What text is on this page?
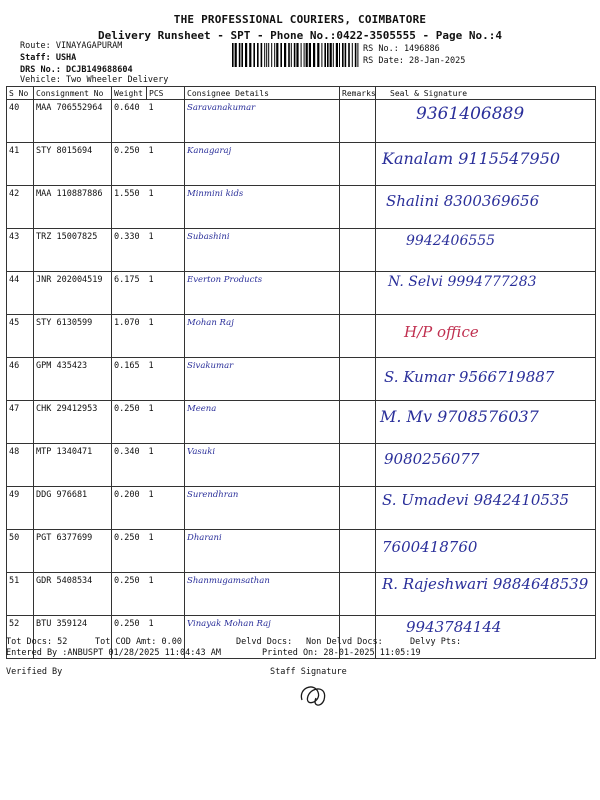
THE PROFESSIONAL COURIERS, COIMBATORE
Delivery Runsheet - SPT - Phone No.:0422-3505555 - Page No.:4
Route: VINAYAGAPURAM
Staff: USHA
DRS No.: DCJB149688604
Vehicle: Two Wheeler Delivery
RS No.: 1496886
RS Date: 28-Jan-2025
S No	Consignment No	Weight	PCS	Consignee Details	Remarks	Seal & Signature
40	MAA 706552964	0.640	1	Saravanakumar		9361406889

41	STY 8015694	0.250	1	Kanagaraj		Kanalam 9115547950

42	MAA 110887886	1.550	1	Minmini kids		Shalini 8300369656

43	TRZ 15007825	0.330	1	Subashini		9942406555

44	JNR 202004519	6.175	1	Everton Products		N. Selvi 9994777283

45	STY 6130599	1.070	1	Mohan Raj		H/P office

46	GPM 435423	0.165	1	Sivakumar		S. Kumar 9566719887

47	CHK 29412953	0.250	1	Meena		M. Mv 9708576037

48	MTP 1340471	0.340	1	Vasuki		9080256077

49	DDG 976681	0.200	1	Surendhran		S. Umadevi 9842410535

50	PGT 6377699	0.250	1	Dharani		7600418760

51	GDR 5408534	0.250	1	Shanmugamsathan		R. Rajeshwari 9884648539

52	BTU 359124	0.250	1	Vinayak Mohan Raj		9943784144
Tot Docs: 52	Tot COD Amt: 0.00	Delvd Docs: Non Delvd Docs:	Delvy Pts:
Entered By :ANBUSPT 01/28/2025 11:04:43 AM	Printed On: 28-01-2025 11:05:19
Verified By	Staff Signature
